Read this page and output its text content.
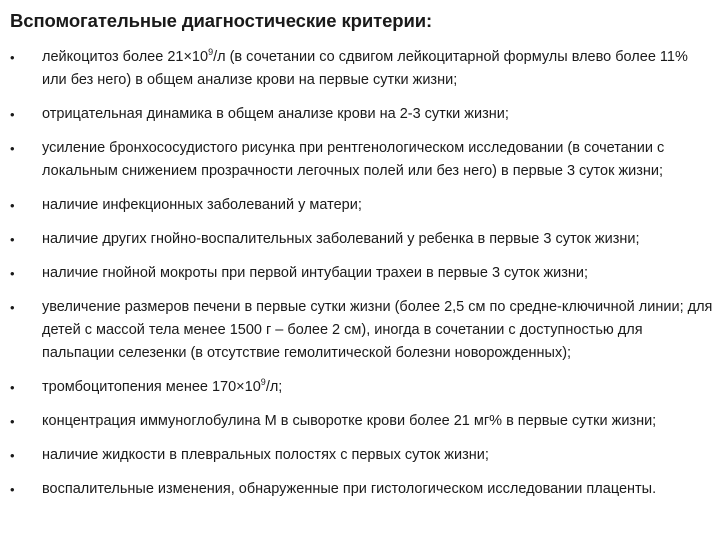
Вспомогательные диагностические критерии:
•	лейкоцитоз более $21\times 10^9/л$ (в сочетании со сдвигом лейкоцитарной формулы влево более 11% или без него) в общем анализе крови на первые сутки жизни;
•	отрицательная динамика в общем анализе крови на 2-3 сутки жизни;
•	усиление бронхососудистого рисунка при рентгенологическом исследовании (в сочетании с локальным снижением прозрачности легочных полей или без него) в первые 3 суток жизни;
•	наличие инфекционных заболеваний у матери;
•	наличие других гнойно-воспалительных заболеваний у ребенка в первые 3 суток жизни;
•	наличие гнойной мокроты при первой интубации трахеи в первые 3 суток жизни;
•	увеличение размеров печени в первые сутки жизни (более 2,5 см по средне-ключичной линии; для детей с массой тела менее 1500 г – более 2 см), иногда в сочетании с доступностью для пальпации селезенки (в отсутствие гемолитической болезни новорожденных);
•	тромбоцитопения менее $170\times 10^9/л$;
•	концентрация иммуноглобулина М в сыворотке крови более 21 мг% в первые сутки жизни;
•	наличие жидкости в плевральных полостях с первых суток жизни;
•	воспалительные изменения, обнаруженные при гистологическом исследовании плаценты.
